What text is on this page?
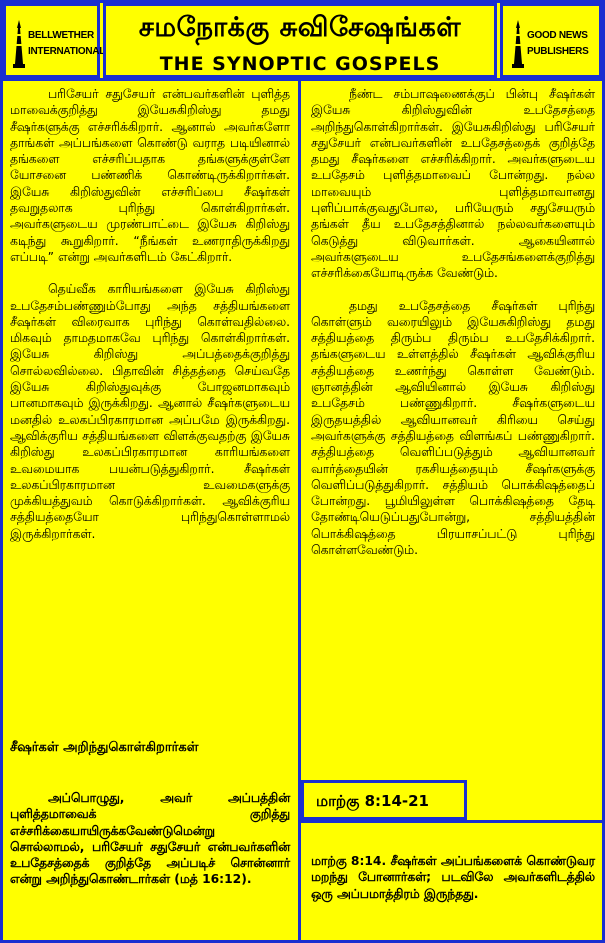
BELLWETHER
INTERNATIONAL
சமநோக்கு சுவிசேஷங்கள்
THE SYNOPTIC GOSPELS
GOOD NEWS
PUBLISHERS

பரிசேயர் சதுசேயர் என்பவர்களின் புளித்த மாவைக்குறித்து இயேசுகிறிஸ்து தமது சீஷர்களுக்கு எச்சரிக்கிறார். ஆனால் அவர்களோ தாங்கள் அப்பங்களை கொண்டு வராத படியினால் தங்களை எச்சரிப்பதாக தங்களுக்குள்ளே யோசனை பண்ணிக் கொண்டிருக்கிறார்கள். இயேசு கிறிஸ்துவின் எச்சரிப்பை சீஷர்கள் தவறுதலாக புரிந்து கொள்கிறார்கள். அவர்களுடைய முரண்பாட்டை இயேசு கிறிஸ்து கடிந்து கூறுகிறார். “நீங்கள் உணராதிருக்கிறது எப்படி” என்று அவர்களிடம் கேட்கிறார்.

தெய்வீக காரியங்களை இயேசு கிறிஸ்து உபதேசம்பண்ணும்போது அந்த சத்தியங்களை சீஷர்கள் விரைவாக புரிந்து கொள்வதில்லை. மிகவும் தாமதமாகவே புரிந்து கொள்கிறார்கள். இயேசு கிறிஸ்து அப்பத்தைக்குறித்து சொல்லவில்லை. பிதாவின் சித்தத்தை செய்வதே இயேசு கிறிஸ்துவுக்கு போஜனமாகவும் பானமாகவும் இருக்கிறது. ஆனால் சீஷர்களுடைய மனதில் உலகப்பிரகாரமான அப்பமே இருக்கிறது. ஆவிக்குரிய சத்தியங்களை விளக்குவதற்கு இயேசு கிறிஸ்து உலகப்பிரகாரமான காரியங்களை உவமையாக பயன்படுத்துகிறார். சீஷர்கள் உலகப்பிரகாரமான உவமைகளுக்கு முக்கியத்துவம் கொடுக்கிறார்கள். ஆவிக்குரிய சத்தியத்தையோ புரிந்துகொள்ளாமல் இருக்கிறார்கள்.

சீஷர்கள் அறிந்துகொள்கிறார்கள்

அப்பொழுது, அவர் அப்பத்தின் புளித்தமாவைக் குறித்து எச்சரிக்கையாயிருக்கவேண்டுமென்று சொல்லாமல், பரிசேயர் சதுசேயர் என்பவர்களின் உபதேசத்தைக் குறித்தே அப்படிச் சொன்னார் என்று அறிந்துகொண்டார்கள் (மத் 16:12).

நீண்ட சம்பாஷணைக்குப் பின்பு சீஷர்கள் இயேசு கிறிஸ்துவின் உபதேசத்தை அறிந்துகொள்கிறார்கள். இயேசுகிறிஸ்து பரிசேயர் சதுசேயர் என்பவர்களின் உபதேசத்தைக் குறித்தே தமது சீஷர்களை எச்சரிக்கிறார். அவர்களுடைய உபதேசம் புளித்தமாவைப் போன்றது. நல்ல மாவையும் புளித்தமாவானது புளிப்பாக்குவதுபோல, பரியேரும் சதுசேயரும் தங்கள் தீய உபதேசத்தினால் நல்லவர்களையும் கெடுத்து விடுவார்கள். ஆகையினால் அவர்களுடைய உபதேசங்களைக்குறித்து எச்சரிக்கையோடிருக்க வேண்டும்.

தமது உபதேசத்தை சீஷர்கள் புரிந்து கொள்ளும் வரையிலும் இயேசுகிறிஸ்து தமது சத்தியத்தை திரும்ப திரும்ப உபதேசிக்கிறார். தங்களுடைய உள்ளத்தில் சீஷர்கள் ஆவிக்குரிய சத்தியத்தை உணர்ந்து கொள்ள வேண்டும். ஞானத்தின் ஆவியினால் இயேசு கிறிஸ்து உபதேசம் பண்ணுகிறார். சீஷர்களுடைய இருதயத்தில் ஆவியானவர் கிரியை செய்து அவர்களுக்கு சத்தியத்தை விளங்கப் பண்ணுகிறார். சத்தியத்தை வெளிப்படுத்தும் ஆவியானவர் வார்த்தையின் ரகசியத்தையும் சீஷர்களுக்கு வெளிப்படுத்துகிறார். சத்தியம் பொக்கிஷத்தைப் போன்றது. பூமியிலுள்ள பொக்கிஷத்தை தேடி தோண்டியெடுப்பதுபோன்று, சத்தியத்தின் பொக்கிஷத்தை பிரயாசப்பட்டு புரிந்து கொள்ளவேண்டும்.

மாற்கு 8:14-21

மாற்கு 8:14. சீஷர்கள் அப்பங்களைக் கொண்டுவர மறந்து போனார்கள்; படவிலே அவர்களிடத்தில் ஒரு அப்பமாத்திரம் இருந்தது.
